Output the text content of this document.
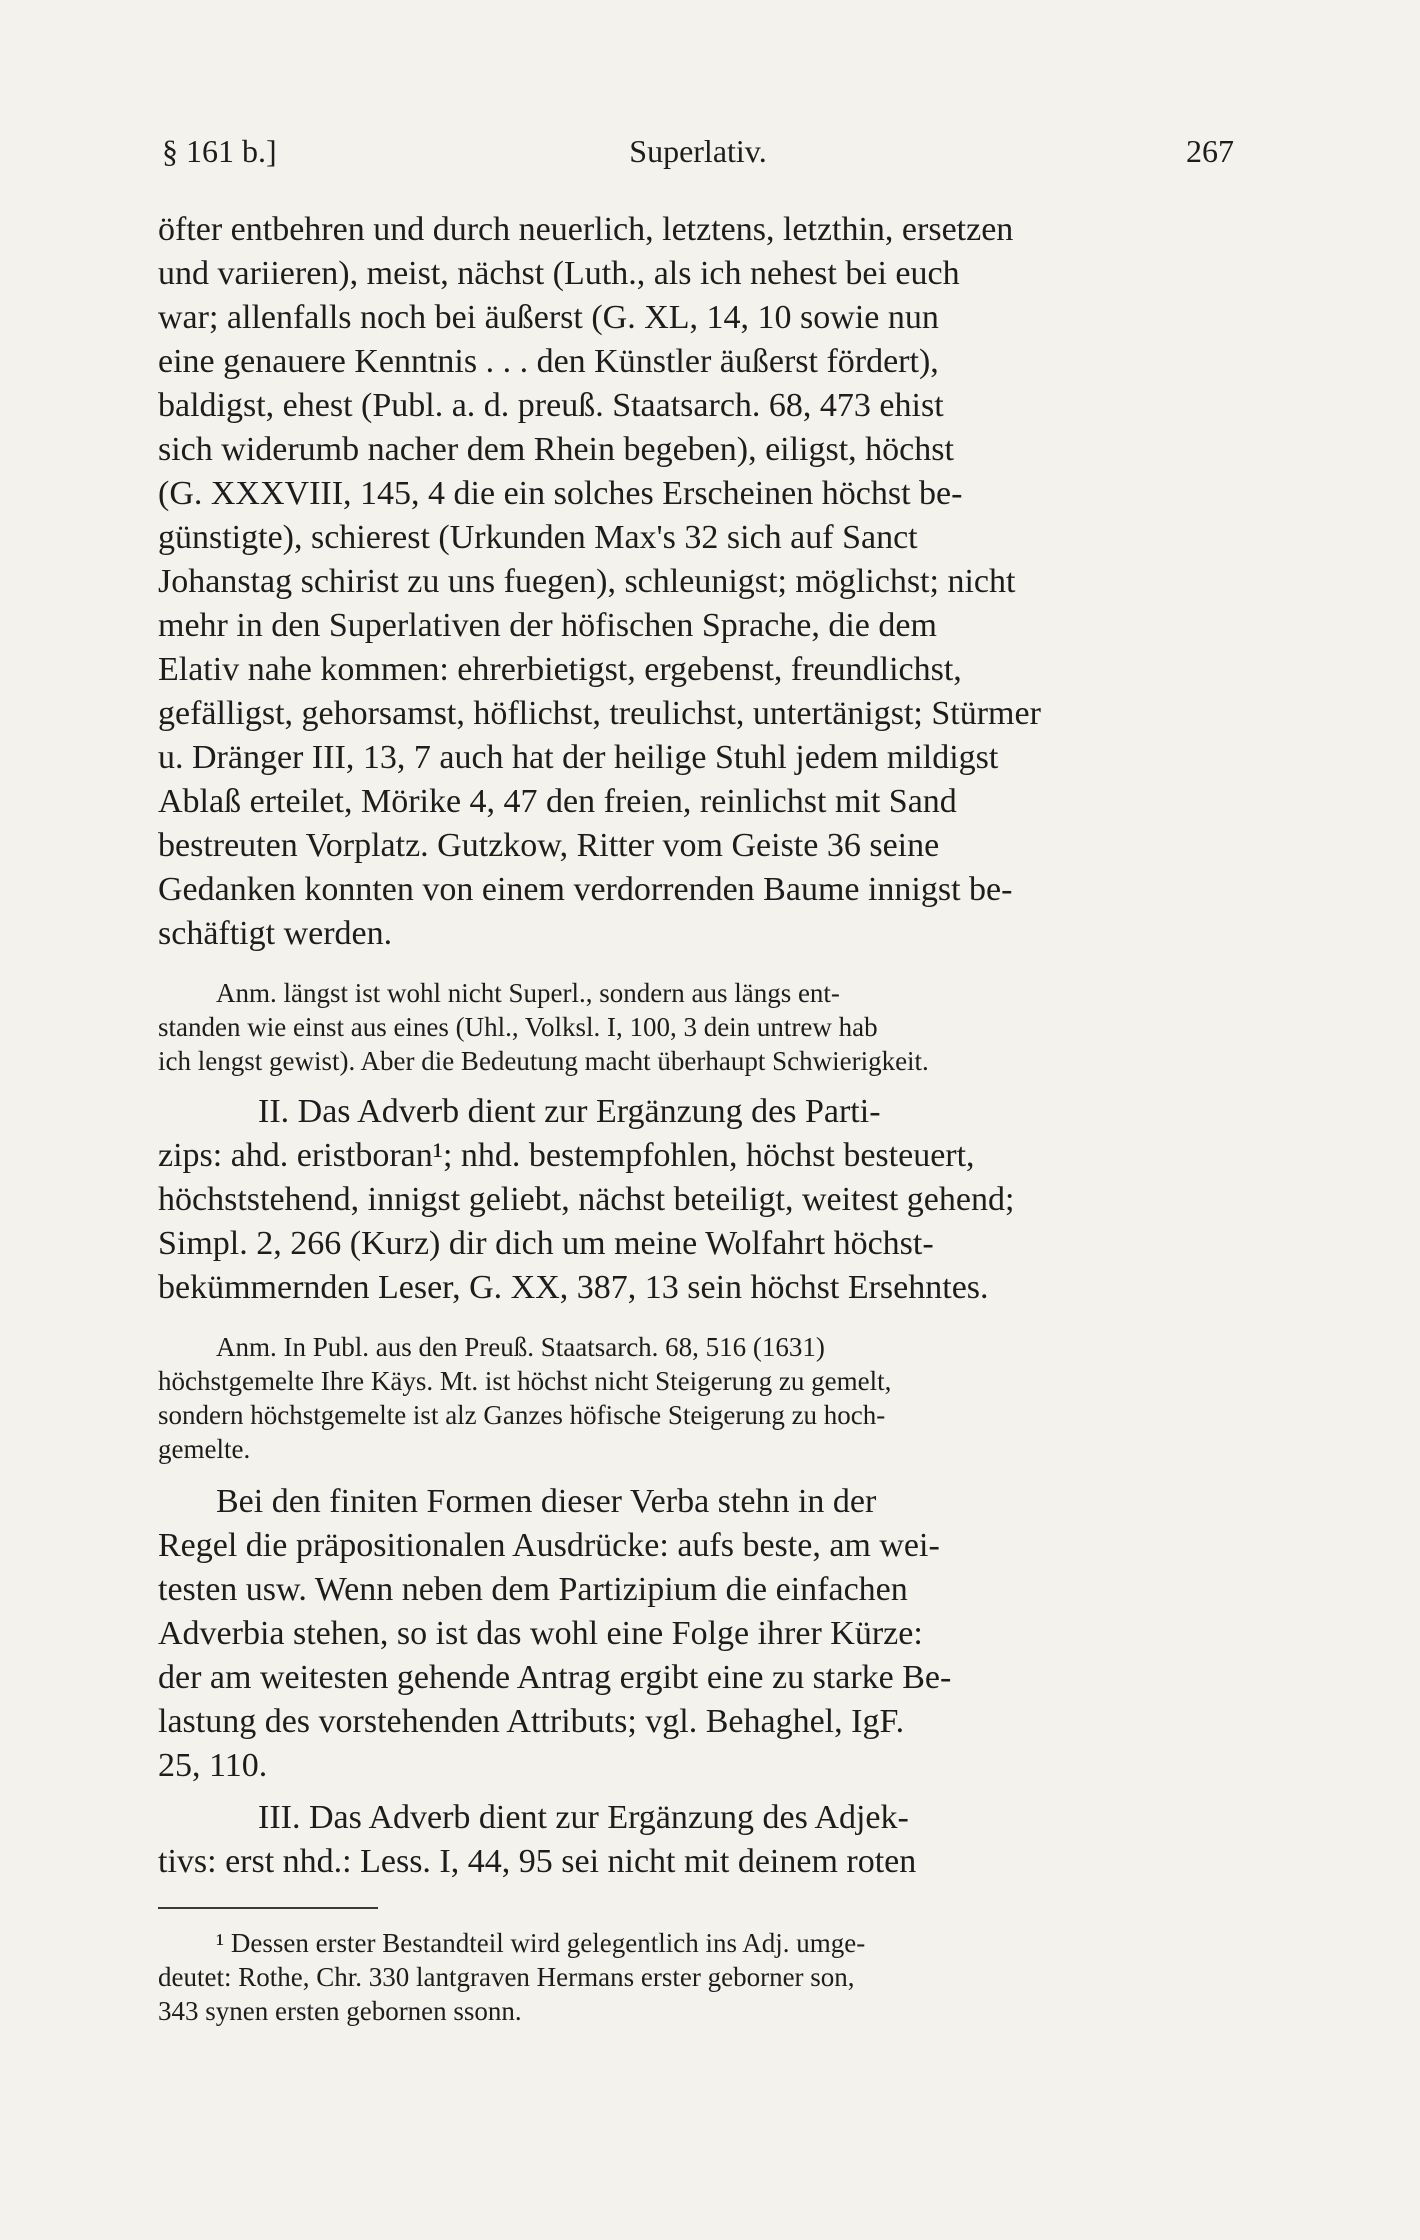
§ 161 b.]	Superlativ.	267
öfter entbehren und durch neuerlich, letztens, letzthin, ersetzen
und variieren), meist, nächst (Luth., als ich nehest bei euch
war; allenfalls noch bei äußerst (G. XL, 14, 10 sowie nun
eine genauere Kenntnis . . . den Künstler äußerst fördert),
baldigst, ehest (Publ. a. d. preuß. Staatsarch. 68, 473 ehist
sich widerumb nacher dem Rhein begeben), eiligst, höchst
(G. XXXVIII, 145, 4 die ein solches Erscheinen höchst be-
günstigte), schierest (Urkunden Max's 32 sich auf Sanct
Johanstag schirist zu uns fuegen), schleunigst; möglichst; nicht
mehr in den Superlativen der höfischen Sprache, die dem
Elativ nahe kommen: ehrerbietigst, ergebenst, freundlichst,
gefälligst, gehorsamst, höflichst, treulichst, untertänigst; Stürmer
u. Dränger III, 13, 7 auch hat der heilige Stuhl jedem mildigst
Ablaß erteilet, Mörike 4, 47 den freien, reinlichst mit Sand
bestreuten Vorplatz. Gutzkow, Ritter vom Geiste 36 seine
Gedanken konnten von einem verdorrenden Baume innigst be-
schäftigt werden.
Anm. längst ist wohl nicht Superl., sondern aus längs ent-
standen wie einst aus eines (Uhl., Volksl. I, 100, 3 dein untrew hab
ich lengst gewist). Aber die Bedeutung macht überhaupt Schwierigkeit.
II. Das Adverb dient zur Ergänzung des Parti-
zips: ahd. eristboran¹; nhd. bestempfohlen, höchst besteuert,
höchststehend, innigst geliebt, nächst beteiligt, weitest gehend;
Simpl. 2, 266 (Kurz) dir dich um meine Wolfahrt höchst-
bekümmernden Leser, G. XX, 387, 13 sein höchst Ersehntes.
Anm. In Publ. aus den Preuß. Staatsarch. 68, 516 (1631)
höchstgemelte Ihre Käys. Mt. ist höchst nicht Steigerung zu gemelt,
sondern höchstgemelte ist alz Ganzes höfische Steigerung zu hoch-
gemelte.
Bei den finiten Formen dieser Verba stehn in der
Regel die präpositionalen Ausdrücke: aufs beste, am wei-
testen usw. Wenn neben dem Partizipium die einfachen
Adverbia stehen, so ist das wohl eine Folge ihrer Kürze:
der am weitesten gehende Antrag ergibt eine zu starke Be-
lastung des vorstehenden Attributs; vgl. Behaghel, IgF.
25, 110.
III. Das Adverb dient zur Ergänzung des Adjek-
tivs: erst nhd.: Less. I, 44, 95 sei nicht mit deinem roten
¹ Dessen erster Bestandteil wird gelegentlich ins Adj. umge-
deutet: Rothe, Chr. 330 lantgraven Hermans erster geborner son,
343 synen ersten gebornen ssonn.
